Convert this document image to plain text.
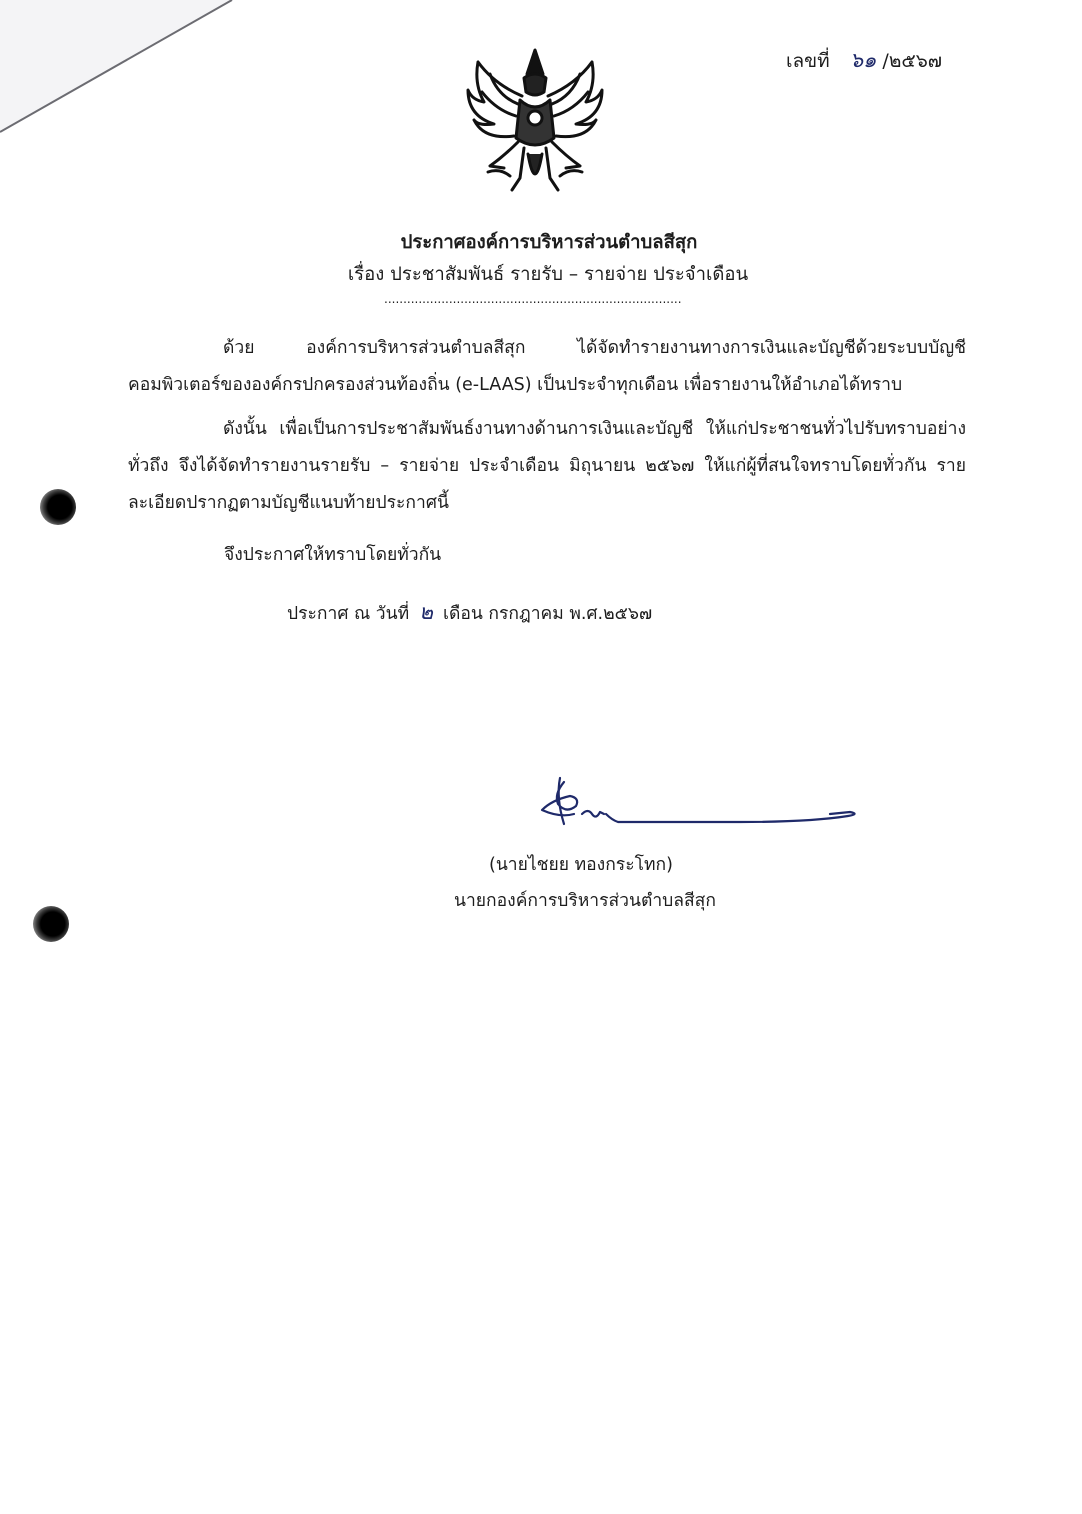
เลขที่ ๖๑ /๒๕๖๗
ประกาศองค์การบริหารส่วนตำบลสีสุก
เรื่อง ประชาสัมพันธ์ รายรับ – รายจ่าย ประจำเดือน
..............................................................................
ด้วย องค์การบริหารส่วนตำบลสีสุก ได้จัดทำรายงานทางการเงินและบัญชีด้วยระบบบัญชีคอมพิวเตอร์ขององค์กรปกครองส่วนท้องถิ่น (e-LAAS) เป็นประจำทุกเดือน เพื่อรายงานให้อำเภอได้ทราบ
ดังนั้น เพื่อเป็นการประชาสัมพันธ์งานทางด้านการเงินและบัญชี ให้แก่ประชาชนทั่วไปรับทราบอย่างทั่วถึง จึงได้จัดทำรายงานรายรับ – รายจ่าย ประจำเดือน มิถุนายน ๒๕๖๗ ให้แก่ผู้ที่สนใจทราบโดยทั่วกัน รายละเอียดปรากฏตามบัญชีแนบท้ายประกาศนี้
จึงประกาศให้ทราบโดยทั่วกัน
ประกาศ ณ วันที่ ๒ เดือน กรกฎาคม พ.ศ.๒๕๖๗
(นายไชยย ทองกระโทก)
นายกองค์การบริหารส่วนตำบลสีสุก
